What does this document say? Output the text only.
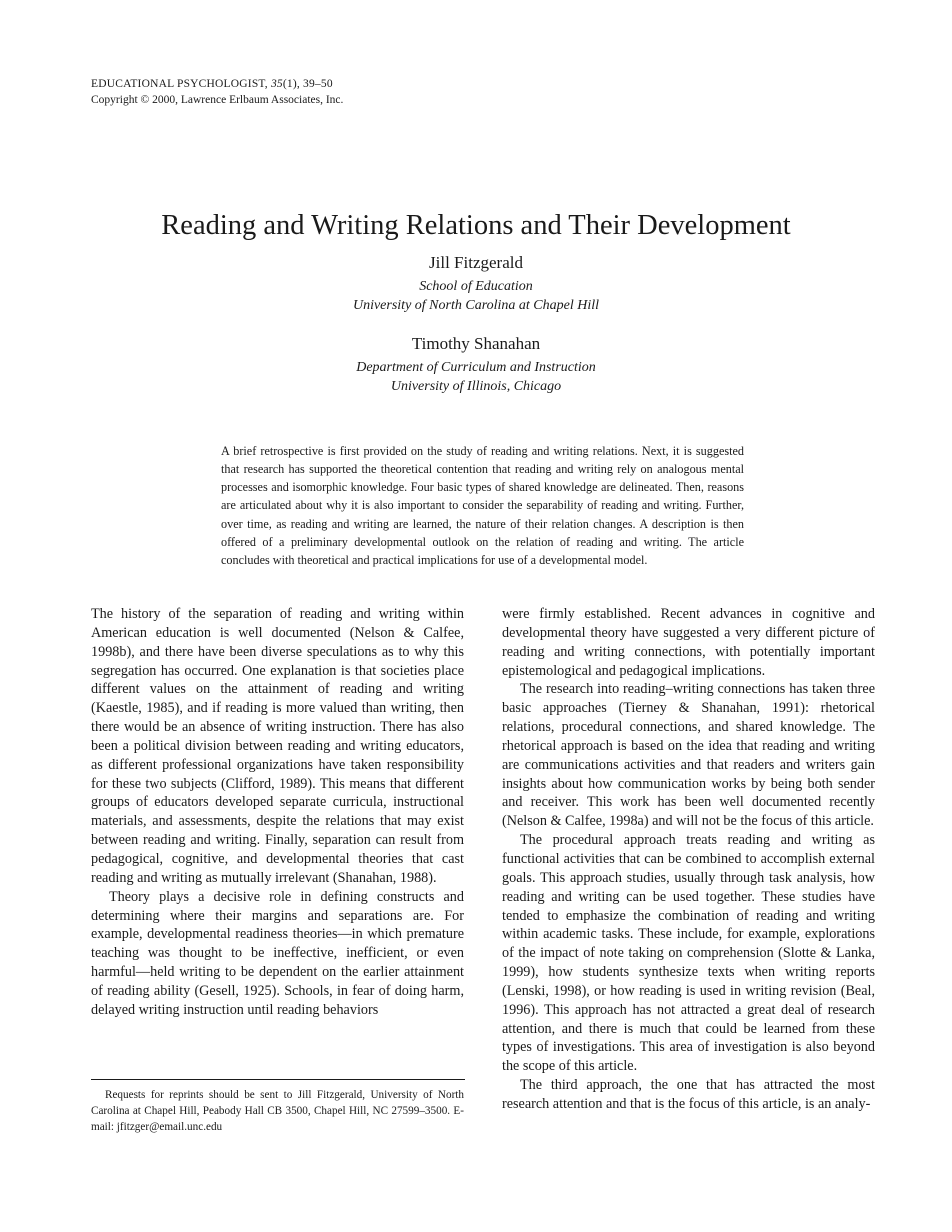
EDUCATIONAL PSYCHOLOGIST, 35(1), 39–50
Copyright © 2000, Lawrence Erlbaum Associates, Inc.
Reading and Writing Relations and Their Development
Jill Fitzgerald
School of Education
University of North Carolina at Chapel Hill
Timothy Shanahan
Department of Curriculum and Instruction
University of Illinois, Chicago
A brief retrospective is first provided on the study of reading and writing relations. Next, it is suggested that research has supported the theoretical contention that reading and writing rely on analogous mental processes and isomorphic knowledge. Four basic types of shared knowledge are delineated. Then, reasons are articulated about why it is also important to consider the separability of reading and writing. Further, over time, as reading and writing are learned, the nature of their relation changes. A description is then offered of a preliminary developmental outlook on the relation of reading and writing. The article concludes with theoretical and practical implications for use of a developmental model.

The history of the separation of reading and writing within American education is well documented (Nelson & Calfee, 1998b), and there have been diverse speculations as to why this segregation has occurred. One explanation is that societies place different values on the attainment of reading and writing (Kaestle, 1985), and if reading is more valued than writing, then there would be an absence of writing instruction. There has also been a political division between reading and writing educators, as different professional organizations have taken responsibility for these two subjects (Clifford, 1989). This means that different groups of educators developed separate curricula, instructional materials, and assessments, despite the relations that may exist between reading and writing. Finally, separation can result from pedagogical, cognitive, and developmental theories that cast reading and writing as mutually irrelevant (Shanahan, 1988).

Theory plays a decisive role in defining constructs and determining where their margins and separations are. For example, developmental readiness theories—in which premature teaching was thought to be ineffective, inefficient, or even harmful—held writing to be dependent on the earlier attainment of reading ability (Gesell, 1925). Schools, in fear of doing harm, delayed writing instruction until reading behaviors

were firmly established. Recent advances in cognitive and developmental theory have suggested a very different picture of reading and writing connections, with potentially important epistemological and pedagogical implications.

The research into reading–writing connections has taken three basic approaches (Tierney & Shanahan, 1991): rhetorical relations, procedural connections, and shared knowledge. The rhetorical approach is based on the idea that reading and writing are communications activities and that readers and writers gain insights about how communication works by being both sender and receiver. This work has been well documented recently (Nelson & Calfee, 1998a) and will not be the focus of this article.

The procedural approach treats reading and writing as functional activities that can be combined to accomplish external goals. This approach studies, usually through task analysis, how reading and writing can be used together. These studies have tended to emphasize the combination of reading and writing within academic tasks. These include, for example, explorations of the impact of note taking on comprehension (Slotte & Lanka, 1999), how students synthesize texts when writing reports (Lenski, 1998), or how reading is used in writing revision (Beal, 1996). This approach has not attracted a great deal of research attention, and there is much that could be learned from these types of investigations. This area of investigation is also beyond the scope of this article.

The third approach, the one that has attracted the most research attention and that is the focus of this article, is an analy-

Requests for reprints should be sent to Jill Fitzgerald, University of North Carolina at Chapel Hill, Peabody Hall CB 3500, Chapel Hill, NC 27599–3500. E-mail: jfitzger@email.unc.edu
